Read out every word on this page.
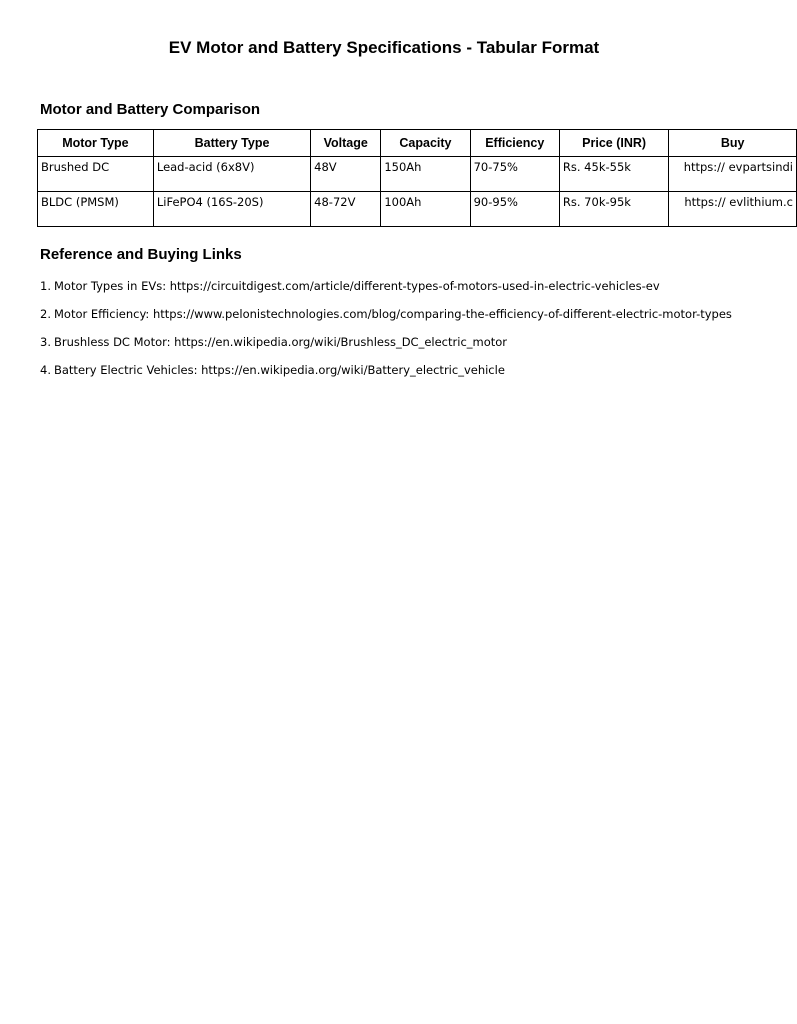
EV Motor and Battery Specifications - Tabular Format
Motor and Battery Comparison
Motor Type	Battery Type	Voltage	Capacity	Efficiency	Price (INR)	Buy
Brushed DC	Lead-acid (6x8V)	48V	150Ah	70-75%	Rs. 45k-55k	https:// evpartsindi
BLDC (PMSM)	LiFePO4 (16S-20S)	48-72V	100Ah	90-95%	Rs. 70k-95k	https:// evlithium.c
Reference and Buying Links
1. Motor Types in EVs: https://circuitdigest.com/article/different-types-of-motors-used-in-electric-vehicles-ev
2. Motor Efficiency: https://www.pelonistechnologies.com/blog/comparing-the-efficiency-of-different-electric-motor-types
3. Brushless DC Motor: https://en.wikipedia.org/wiki/Brushless_DC_electric_motor
4. Battery Electric Vehicles: https://en.wikipedia.org/wiki/Battery_electric_vehicle
